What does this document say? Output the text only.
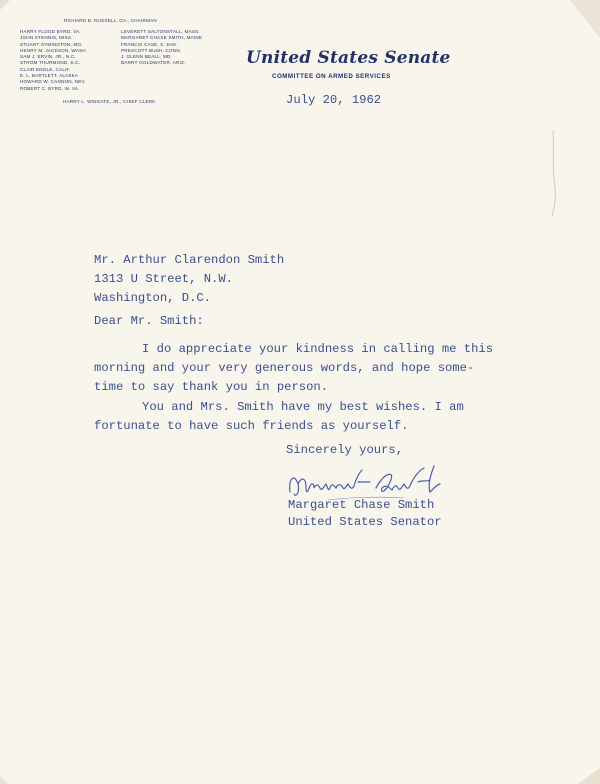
RICHARD B. RUSSELL, GA., CHAIRMAN
HARRY FLOOD BYRD, VA.
JOHN STENNIS, MISS.
STUART SYMINGTON, MO.
HENRY M. JACKSON, WASH.
SAM J. ERVIN, JR., N.C.
STROM THURMOND, S.C.
CLAIR ENGLE, CALIF.
E. L. BARTLETT, ALASKA
HOWARD W. CANNON, NEV.
ROBERT C. BYRD, W. VA.
LEVERETT SALTONSTALL, MASS.
MARGARET CHASE SMITH, MAINE
FRANCIS CASE, S. DAK.
PRESCOTT BUSH, CONN.
J. GLENN BEALL, MD.
BARRY GOLDWATER, ARIZ.
HARRY L. WINGATE, JR., CHIEF CLERK
United States Senate
COMMITTEE ON ARMED SERVICES
July 20, 1962
Mr. Arthur Clarendon Smith
1313 U Street, N.W.
Washington, D.C.
Dear Mr. Smith:
I do appreciate your kindness in calling me this
morning and your very generous words, and hope some-
time to say thank you in person.
You and Mrs. Smith have my best wishes. I am
fortunate to have such friends as yourself.
Sincerely yours,
Margaret Chase Smith
United States Senator
